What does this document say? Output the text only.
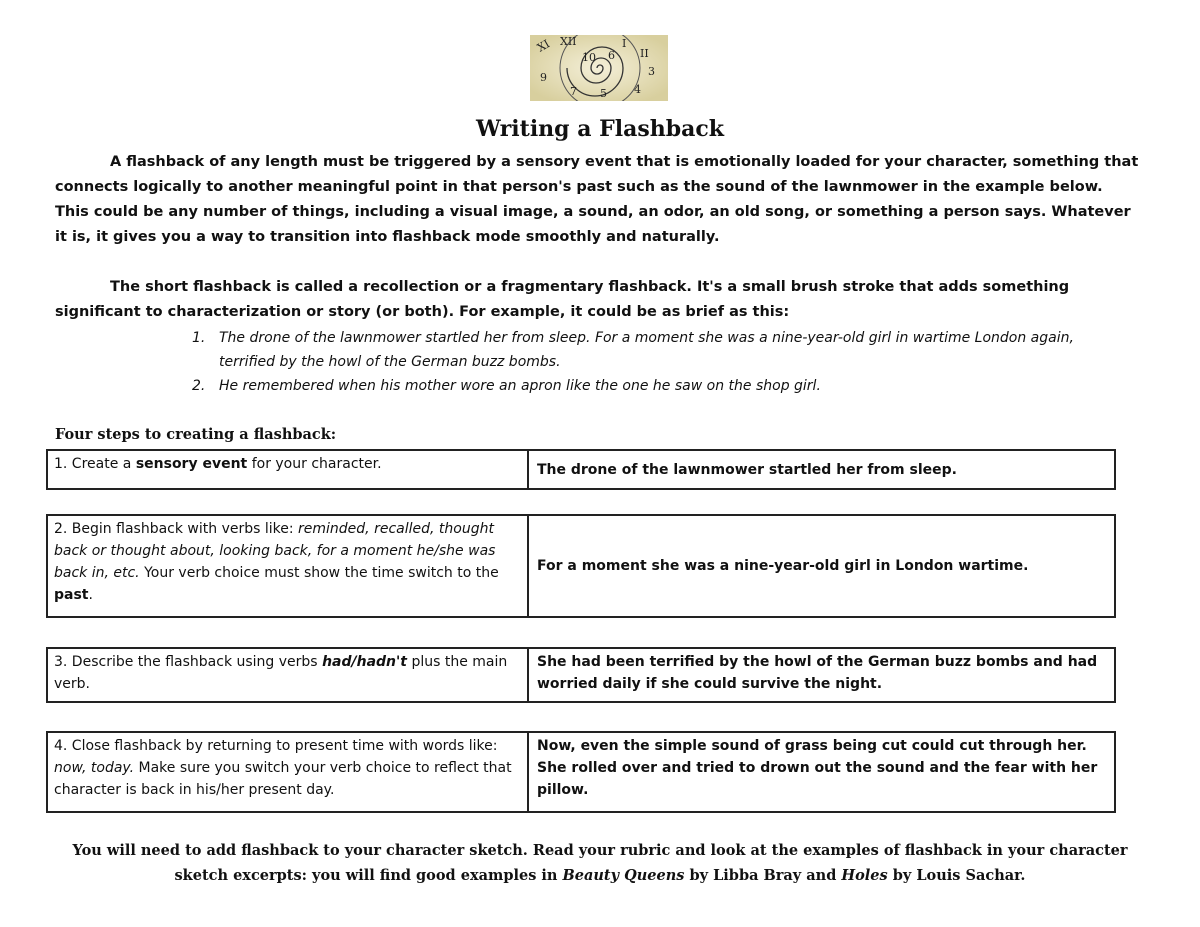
XI XII	I
II
3
4
5
7
9
10 6
Writing a Flashback
A flashback of any length must be triggered by a sensory event that is emotionally loaded for your character, something that connects logically to another meaningful point in that person's past such as the sound of the lawnmower in the example below. This could be any number of things, including a visual image, a sound, an odor, an old song, or something a person says. Whatever it is, it gives you a way to transition into flashback mode smoothly and naturally.
The short flashback is called a recollection or a fragmentary flashback. It's a small brush stroke that adds something significant to characterization or story (or both). For example, it could be as brief as this:
1. The drone of the lawnmower startled her from sleep. For a moment she was a nine-year-old girl in wartime London again, terrified by the howl of the German buzz bombs.
2. He remembered when his mother wore an apron like the one he saw on the shop girl.
Four steps to creating a flashback:
1. Create a sensory event for your character.	The drone of the lawnmower startled her from sleep.
2. Begin flashback with verbs like: reminded, recalled, thought back or thought about, looking back, for a moment he/she was back in, etc. Your verb choice must show the time switch to the past.
For a moment she was a nine-year-old girl in London wartime.
3. Describe the flashback using verbs had/hadn't plus the main verb.
She had been terrified by the howl of the German buzz bombs and had worried daily if she could survive the night.
4. Close flashback by returning to present time with words like: now, today. Make sure you switch your verb choice to reflect that character is back in his/her present day.
Now, even the simple sound of grass being cut could cut through her. She rolled over and tried to drown out the sound and the fear with her pillow.
You will need to add flashback to your character sketch. Read your rubric and look at the examples of flashback in your character sketch excerpts: you will find good examples in Beauty Queens by Libba Bray and Holes by Louis Sachar.
